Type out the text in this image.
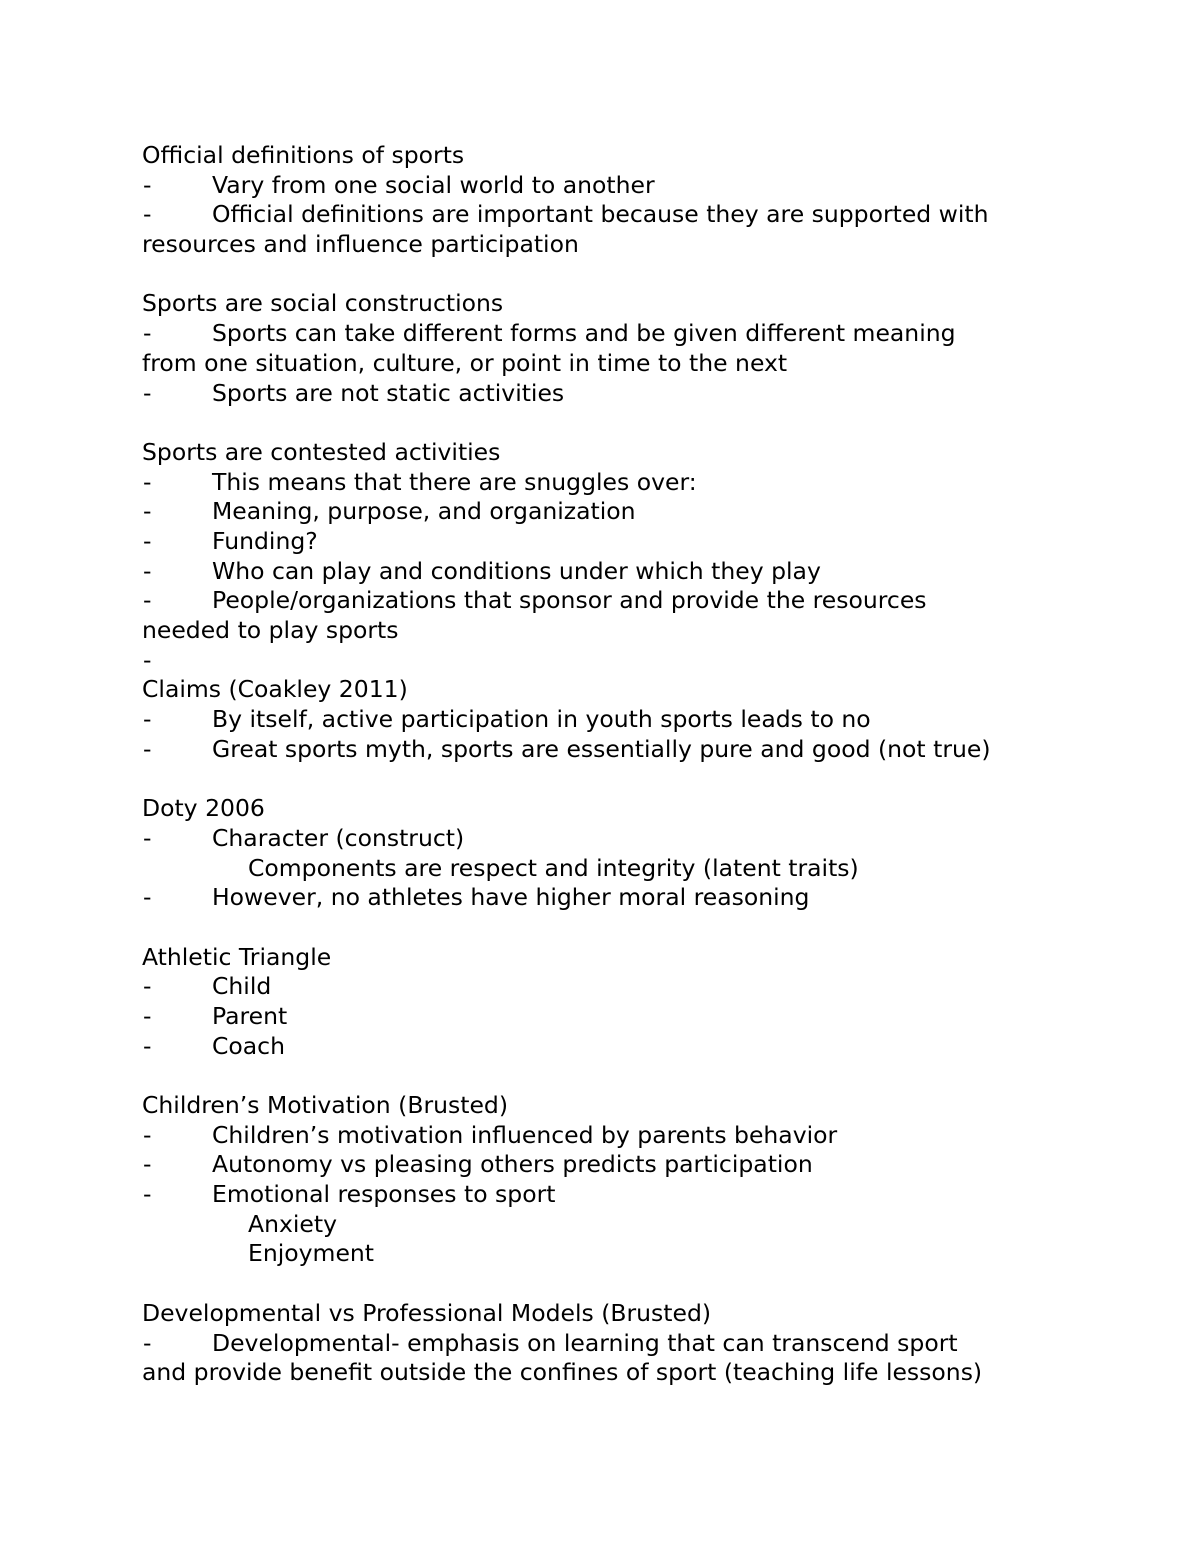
Official definitions of sports
-	Vary from one social world to another
-	Official definitions are important because they are supported with
resources and influence participation
Sports are social constructions
-	Sports can take different forms and be given different meaning
from one situation, culture, or point in time to the next
-	Sports are not static activities
Sports are contested activities
-	This means that there are snuggles over:
-	Meaning, purpose, and organization
-	Funding?
-	Who can play and conditions under which they play
-	People/organizations that sponsor and provide the resources
needed to play sports
-
Claims (Coakley 2011)
-	By itself, active participation in youth sports leads to no
-	Great sports myth, sports are essentially pure and good (not true)
Doty 2006
-	Character (construct)
Components are respect and integrity (latent traits)
-	However, no athletes have higher moral reasoning
Athletic Triangle
-	Child
-	Parent
-	Coach
Children’s Motivation (Brusted)
-	Children’s motivation influenced by parents behavior
-	Autonomy vs pleasing others predicts participation
-	Emotional responses to sport
Anxiety
Enjoyment
Developmental vs Professional Models (Brusted)
-	Developmental- emphasis on learning that can transcend sport
and provide benefit outside the confines of sport (teaching life lessons)
